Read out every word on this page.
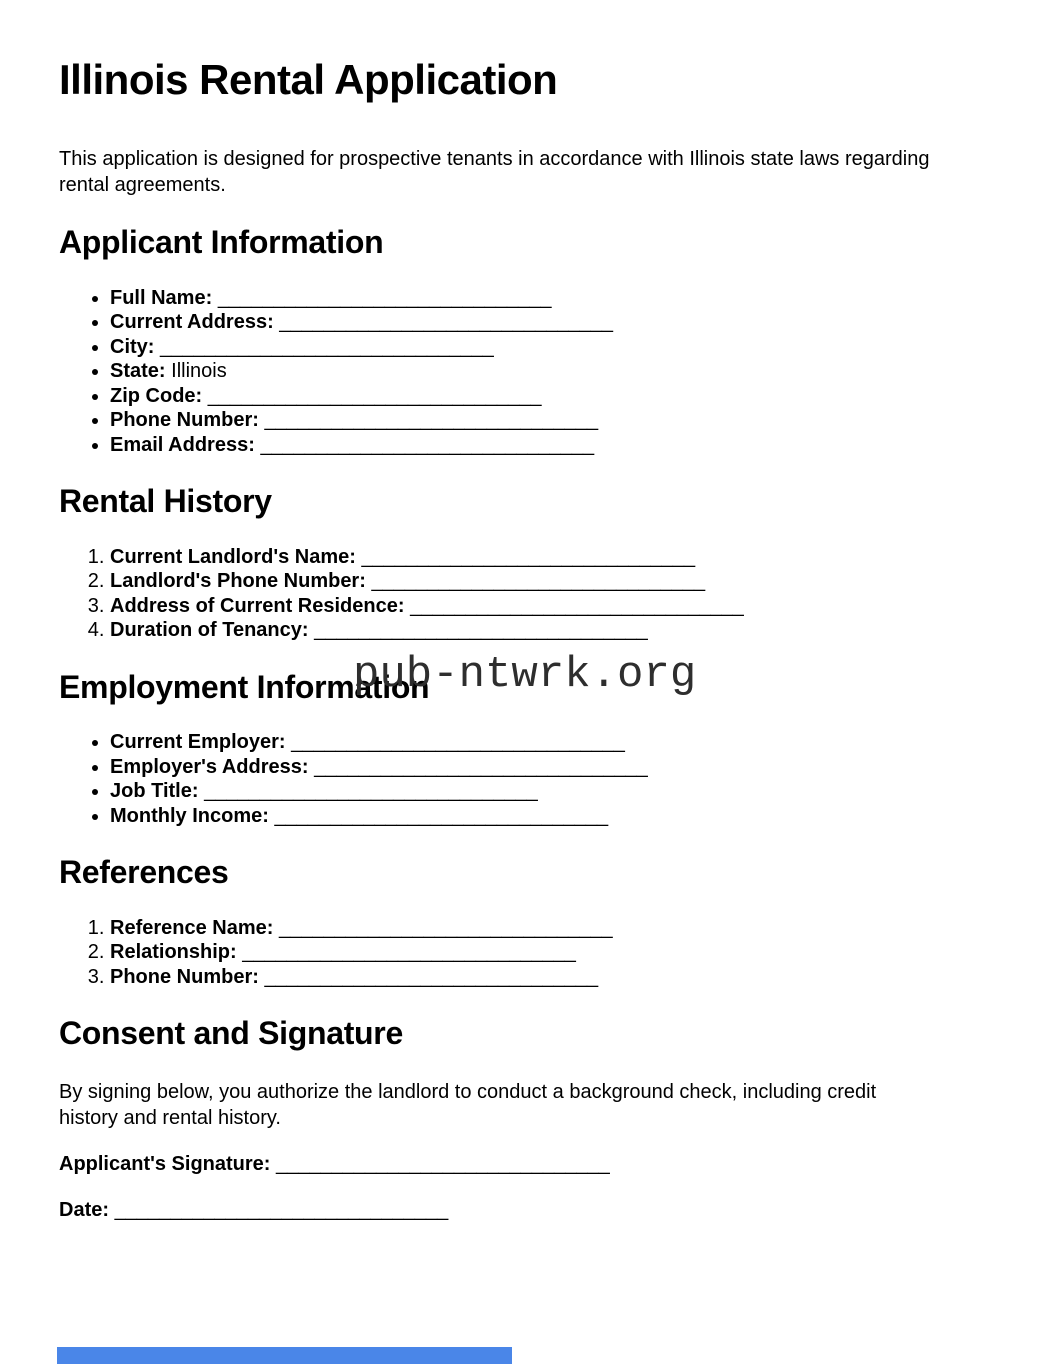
Illinois Rental Application

This application is designed for prospective tenants in accordance with Illinois state laws regarding rental agreements.

Applicant Information
• Full Name: ______________________________
• Current Address: ______________________________
• City: ______________________________
• State: Illinois
• Zip Code: ______________________________
• Phone Number: ______________________________
• Email Address: ______________________________
Rental History
1. Current Landlord's Name: ______________________________
2. Landlord's Phone Number: ______________________________
3. Address of Current Residence: ______________________________
4. Duration of Tenancy: ______________________________
Employment Information
• Current Employer: ______________________________
• Employer's Address: ______________________________
• Job Title: ______________________________
• Monthly Income: ______________________________
References
1. Reference Name: ______________________________
2. Relationship: ______________________________
3. Phone Number: ______________________________
Consent and Signature

By signing below, you authorize the landlord to conduct a background check, including credit history and rental history.

Applicant's Signature: ______________________________

Date: ______________________________

pub-ntwrk.org
